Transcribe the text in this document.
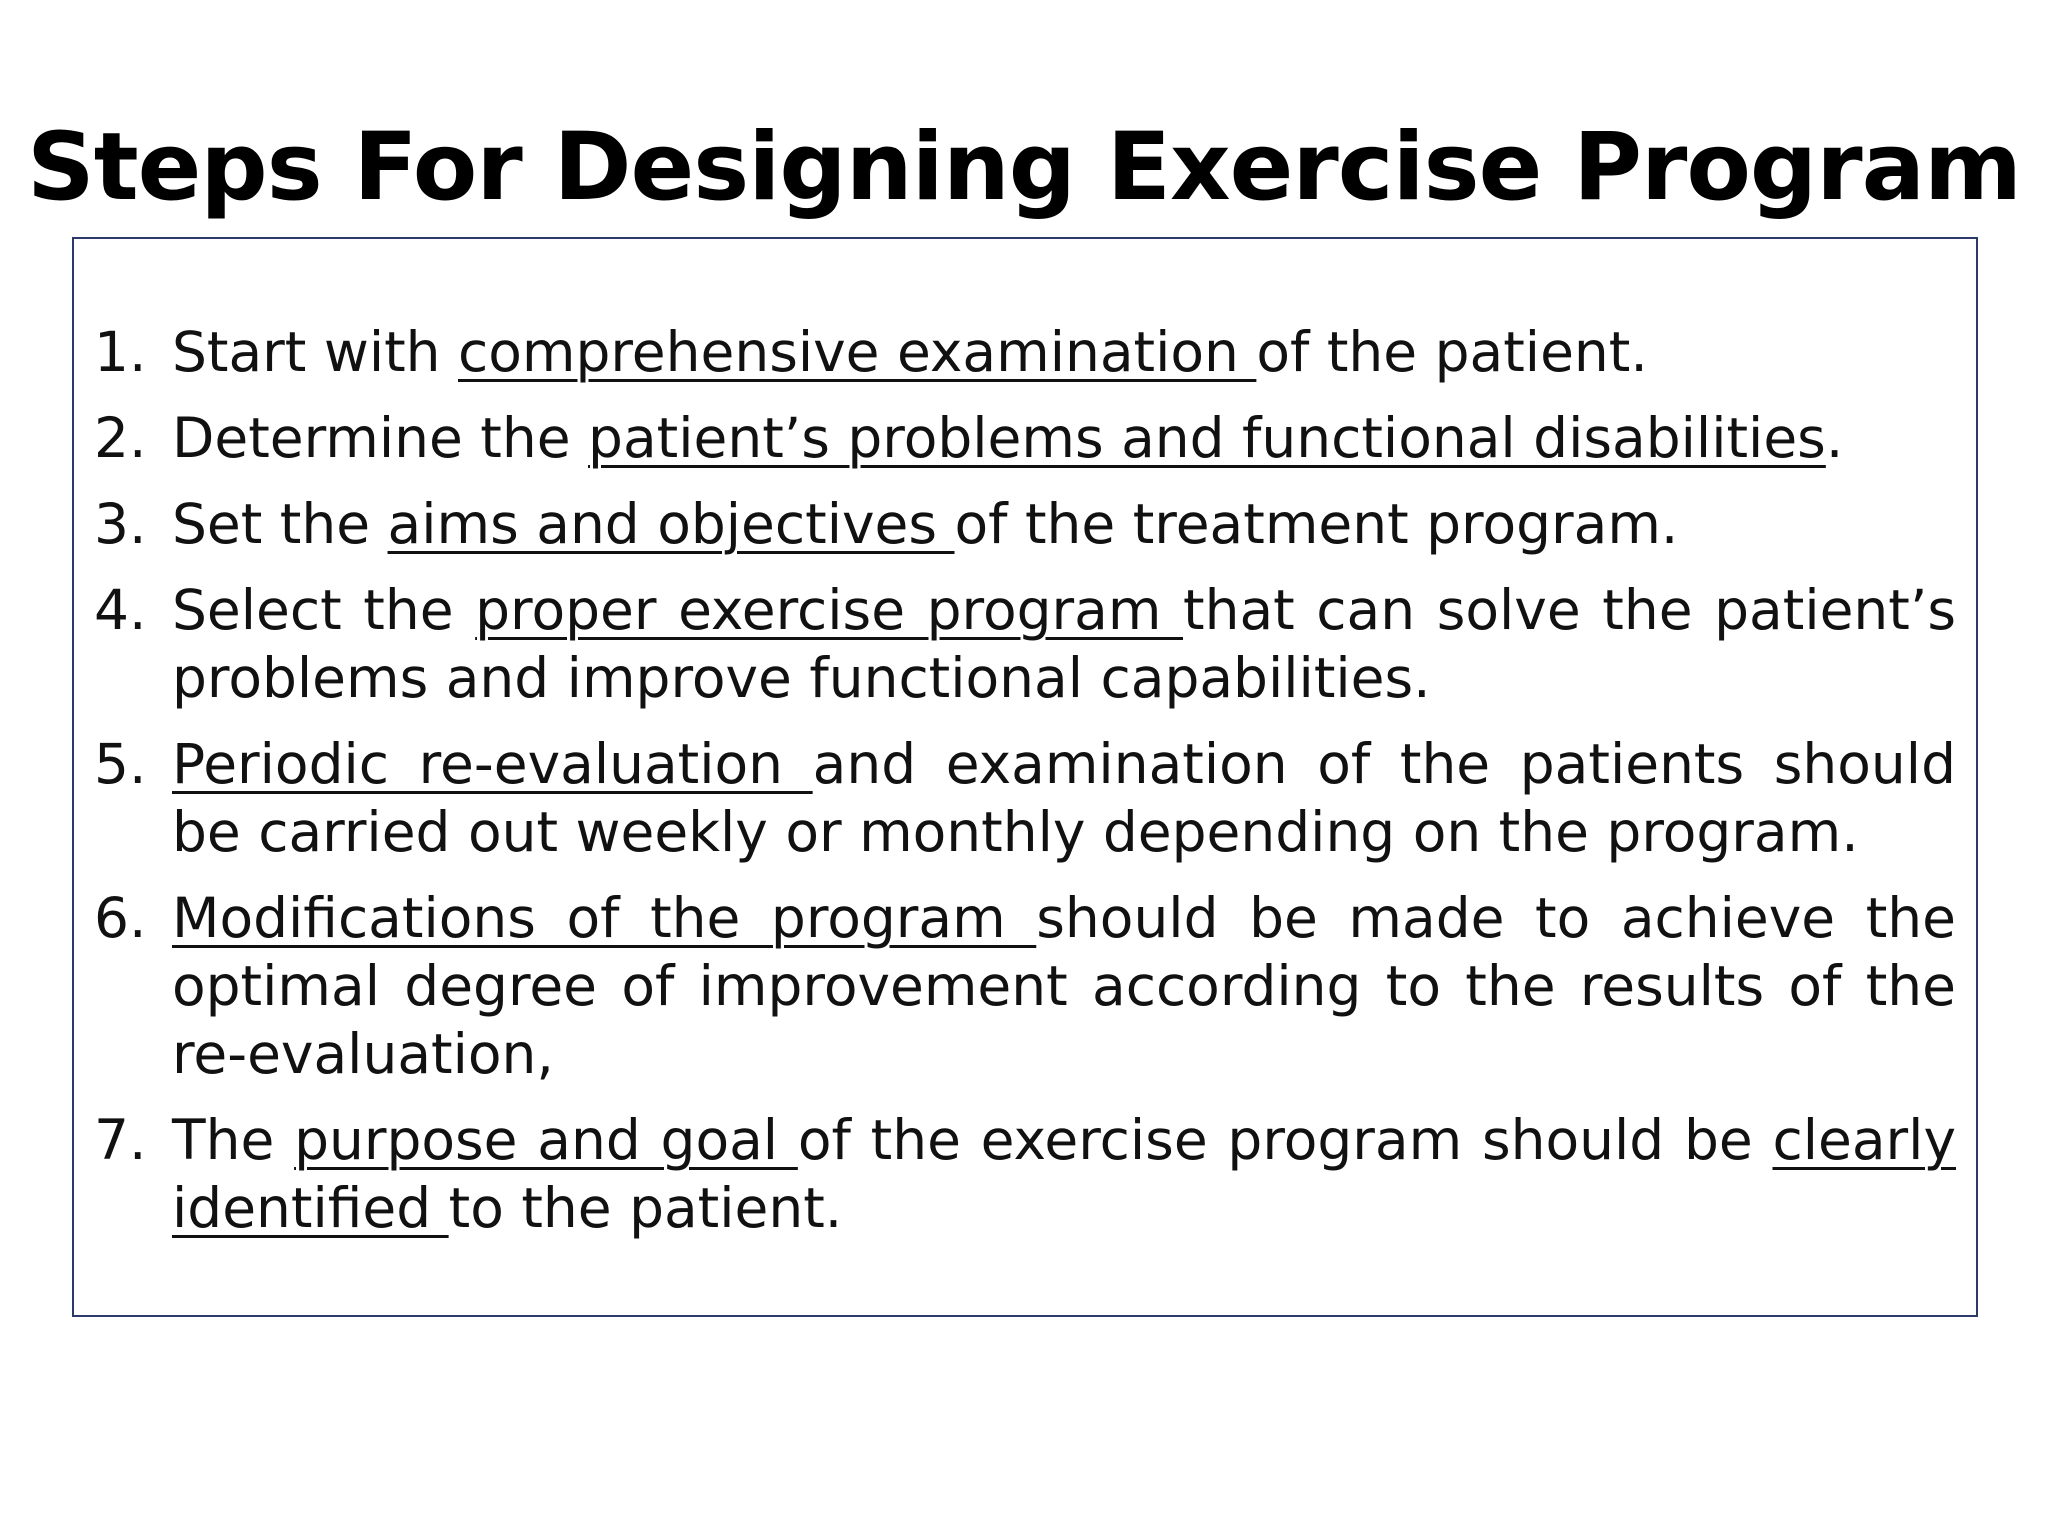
Steps For Designing Exercise Program
1. Start with comprehensive examination of the patient.
2. Determine the patient’s problems and functional disabilities.
3. Set the aims and objectives of the treatment program.
4. Select the proper exercise program that can solve the patient’s problems and improve functional capabilities.
5. Periodic re-evaluation and examination of the patients should be carried out weekly or monthly depending on the program.
6. Modifications of the program should be made to achieve the optimal degree of improvement according to the results of the re-evaluation,
7. The purpose and goal of the exercise program should be clearly identified to the patient.
